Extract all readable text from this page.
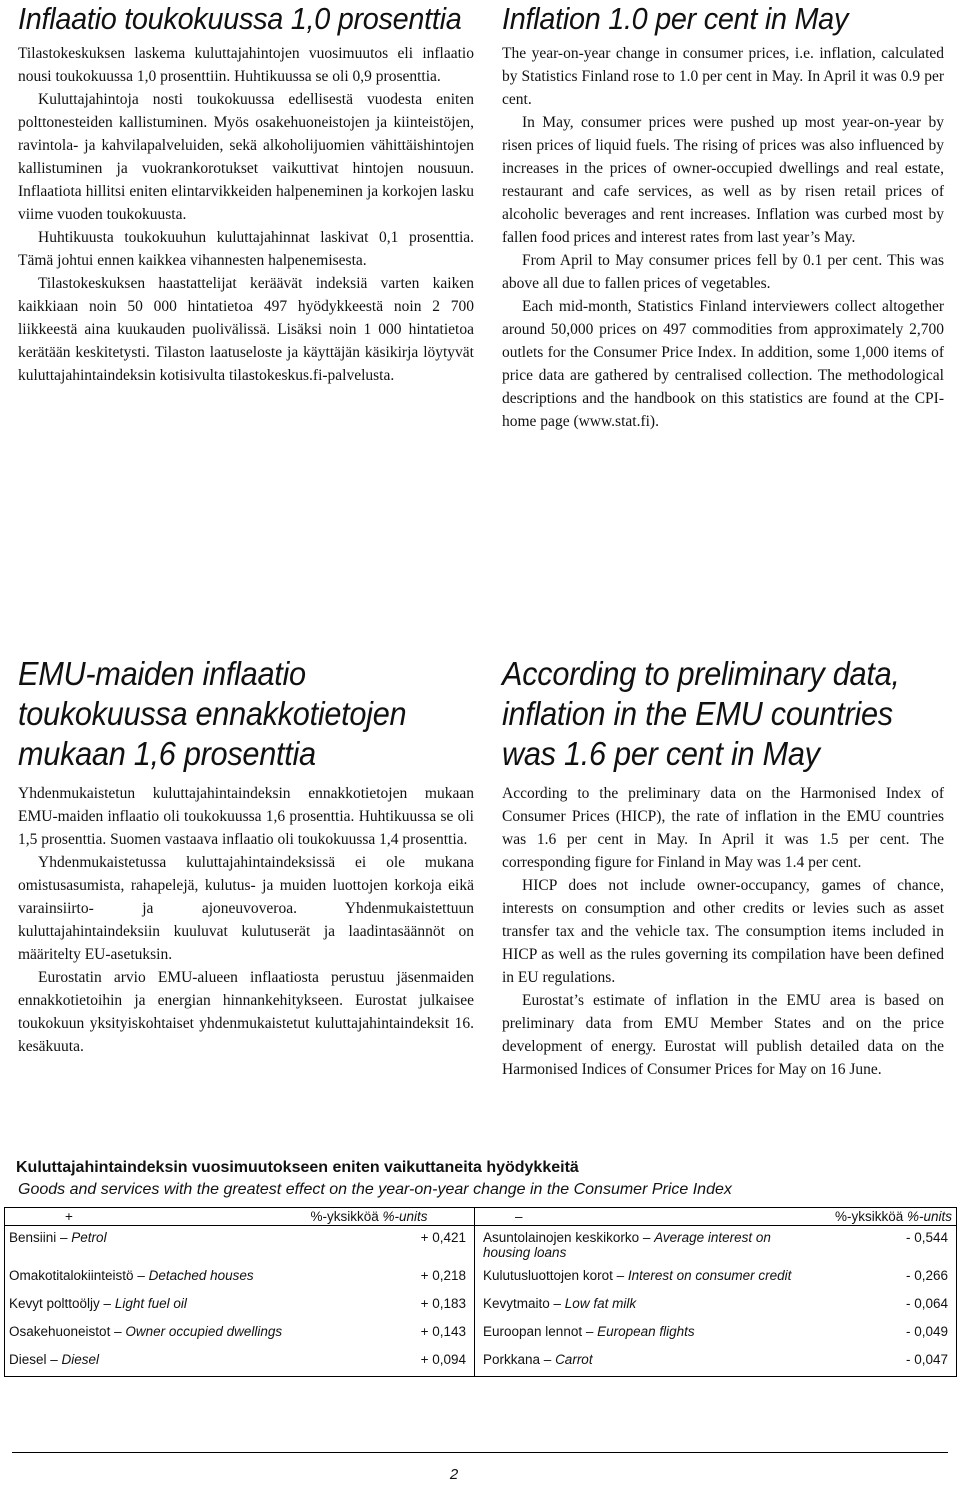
Inflaatio toukokuussa 1,0 prosenttia

Tilastokeskuksen laskema kuluttajahintojen vuosimuutos eli inflaatio nousi toukokuussa 1,0 prosenttiin. Huhtikuussa se oli 0,9 prosenttia.

Kuluttajahintoja nosti toukokuussa edellisestä vuodesta eniten polttonesteiden kallistuminen. Myös osakehuoneistojen ja kiinteistöjen, ravintola- ja kahvilapalveluiden, sekä alkoholijuomien vähittäishintojen kallistuminen ja vuokrankorotukset vaikuttivat hintojen nousuun. Inflaatiota hillitsi eniten elintarvikkeiden halpeneminen ja korkojen lasku viime vuoden toukokuusta.

Huhtikuusta toukokuuhun kuluttajahinnat laskivat 0,1 prosenttia. Tämä johtui ennen kaikkea vihannesten halpenemisesta.

Tilastokeskuksen haastattelijat keräävät indeksiä varten kaiken kaikkiaan noin 50 000 hintatietoa 497 hyödykkeestä noin 2 700 liikkeestä aina kuukauden puolivälissä. Lisäksi noin 1 000 hintatietoa kerätään keskitetysti. Tilaston laatuseloste ja käyttäjän käsikirja löytyvät kuluttajahintaindeksin kotisivulta tilastokeskus.fi-palvelusta.

Inflation 1.0 per cent in May

The year-on-year change in consumer prices, i.e. inflation, calculated by Statistics Finland rose to 1.0 per cent in May. In April it was 0.9 per cent.

In May, consumer prices were pushed up most year-on-year by risen prices of liquid fuels. The rising of prices was also influenced by increases in the prices of owner-occupied dwellings and real estate, restaurant and cafe services, as well as by risen retail prices of alcoholic beverages and rent increases. Inflation was curbed most by fallen food prices and interest rates from last year’s May.

From April to May consumer prices fell by 0.1 per cent. This was above all due to fallen prices of vegetables.

Each mid-month, Statistics Finland interviewers collect altogether around 50,000 prices on 497 commodities from approximately 2,700 outlets for the Consumer Price Index. In addition, some 1,000 items of price data are gathered by centralised collection. The methodological descriptions and the handbook on this statistics are found at the CPI-home page (www.stat.fi).

EMU-maiden inflaatio toukokuussa ennakkotietojen mukaan 1,6 prosenttia

Yhdenmukaistetun kuluttajahintaindeksin ennakkotietojen mukaan EMU-maiden inflaatio oli toukokuussa 1,6 prosenttia. Huhtikuussa se oli 1,5 prosenttia. Suomen vastaava inflaatio oli toukokuussa 1,4 prosenttia.

Yhdenmukaistetussa kuluttajahintaindeksissä ei ole mukana omistusasumista, rahapelejä, kulutus- ja muiden luottojen korkoja eikä varainsiirto- ja ajoneuvoveroa. Yhdenmukaistettuun kuluttajahintaindeksiin kuuluvat kulutuserät ja laadintasäännöt on määritelty EU-asetuksin.

Eurostatin arvio EMU-alueen inflaatiosta perustuu jäsenmaiden ennakkotietoihin ja energian hinnankehitykseen. Eurostat julkaisee toukokuun yksityiskohtaiset yhdenmukaistetut kuluttajahintaindeksit 16. kesäkuuta.

According to preliminary data, inflation in the EMU countries was 1.6 per cent in May

According to the preliminary data on the Harmonised Index of Consumer Prices (HICP), the rate of inflation in the EMU countries was 1.6 per cent in May. In April it was 1.5 per cent. The corresponding figure for Finland in May was 1.4 per cent.

HICP does not include owner-occupancy, games of chance, interests on consumption and other credits or levies such as asset transfer tax and the vehicle tax. The consumption items included in HICP as well as the rules governing its compilation have been defined in EU regulations.

Eurostat’s estimate of inflation in the EMU area is based on preliminary data from EMU Member States and on the price development of energy. Eurostat will publish detailed data on the Harmonised Indices of Consumer Prices for May on 16 June.

Kuluttajahintaindeksin vuosimuutokseen eniten vaikuttaneita hyödykkeitä
Goods and services with the greatest effect on the year-on-year change in the Consumer Price Index
+	%-yksikköä %-units	–	%-yksikköä %-units
Bensiini – Petrol	+ 0,421	Asuntolainojen keskikorko – Average interest on housing loans	- 0,544
Omakotitalokiinteistö – Detached houses	+ 0,218	Kulutusluottojen korot – Interest on consumer credit	- 0,266
Kevyt polttoöljy – Light fuel oil	+ 0,183	Kevytmaito – Low fat milk	- 0,064
Osakehuoneistot – Owner occupied dwellings	+ 0,143	Euroopan lennot – European flights	- 0,049
Diesel – Diesel	+ 0,094	Porkkana – Carrot	- 0,047
2
